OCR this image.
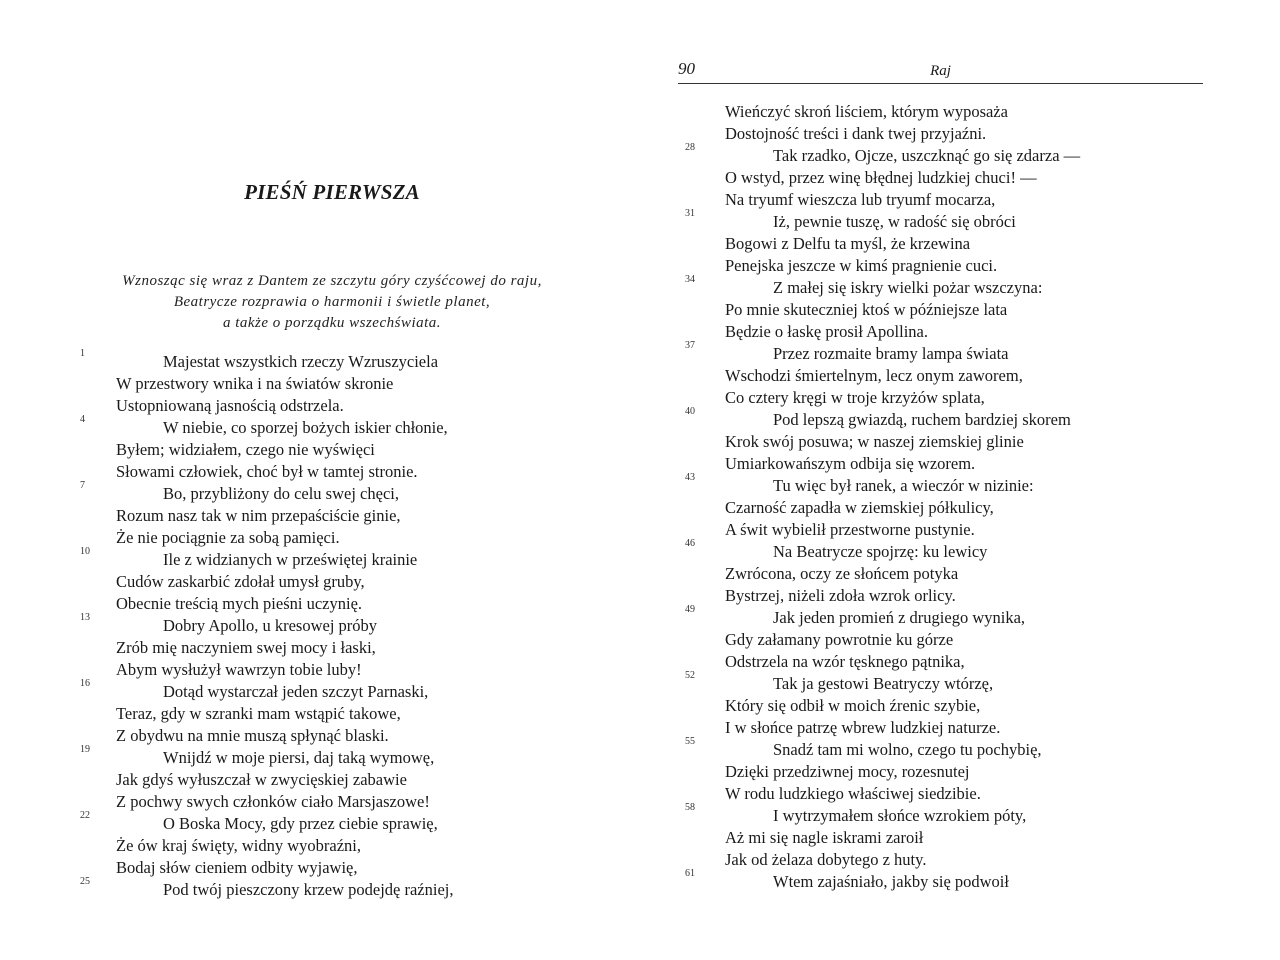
PIEŚŃ PIERWSZA
Wznosząc się wraz z Dantem ze szczytu góry czyśćcowej do raju,
Beatrycze rozprawia o harmonii i świetle planet,
a także o porządku wszechświata.
1	Majestat wszystkich rzeczy Wzruszyciela
W przestwory wnika i na światów skronie
Ustopniowaną jasnością odstrzela.
4	W niebie, co sporzej bożych iskier chłonie,
Byłem; widziałem, czego nie wyświęci
Słowami człowiek, choć był w tamtej stronie.
7	Bo, przybliżony do celu swej chęci,
Rozum nasz tak w nim przepaściście ginie,
Że nie pociągnie za sobą pamięci.
10	Ile z widzianych w przeświętej krainie
Cudów zaskarbić zdołał umysł gruby,
Obecnie treścią mych pieśni uczynię.
13	Dobry Apollo, u kresowej próby
Zrób mię naczyniem swej mocy i łaski,
Abym wysłużył wawrzyn tobie luby!
16	Dotąd wystarczał jeden szczyt Parnaski,
Teraz, gdy w szranki mam wstąpić takowe,
Z obydwu na mnie muszą spłynąć blaski.
19	Wnijdź w moje piersi, daj taką wymowę,
Jak gdyś wyłuszczał w zwycięskiej zabawie
Z pochwy swych członków ciało Marsjaszowe!
22	O Boska Mocy, gdy przez ciebie sprawię,
Że ów kraj święty, widny wyobraźni,
Bodaj słów cieniem odbity wyjawię,
25	Pod twój pieszczony krzew podejdę raźniej,
90	Raj
Wieńczyć skroń liściem, którym wyposaża
Dostojność treści i dank twej przyjaźni.
28	Tak rzadko, Ojcze, uszczknąć go się zdarza —
O wstyd, przez winę błędnej ludzkiej chuci! —
Na tryumf wieszcza lub tryumf mocarza,
31	Iż, pewnie tuszę, w radość się obróci
Bogowi z Delfu ta myśl, że krzewina
Penejska jeszcze w kimś pragnienie cuci.
34	Z małej się iskry wielki pożar wszczyna:
Po mnie skuteczniej ktoś w późniejsze lata
Będzie o łaskę prosił Apollina.
37	Przez rozmaite bramy lampa świata
Wschodzi śmiertelnym, lecz onym zaworem,
Co cztery kręgi w troje krzyżów splata,
40	Pod lepszą gwiazdą, ruchem bardziej skorem
Krok swój posuwa; w naszej ziemskiej glinie
Umiarkowańszym odbija się wzorem.
43	Tu więc był ranek, a wieczór w nizinie:
Czarność zapadła w ziemskiej półkulicy,
A świt wybielił przestworne pustynie.
46	Na Beatrycze spojrzę: ku lewicy
Zwrócona, oczy ze słońcem potyka
Bystrzej, niżeli zdoła wzrok orlicy.
49	Jak jeden promień z drugiego wynika,
Gdy załamany powrotnie ku górze
Odstrzela na wzór tęsknego pątnika,
52	Tak ja gestowi Beatryczy wtórzę,
Który się odbił w moich źrenic szybie,
I w słońce patrzę wbrew ludzkiej naturze.
55	Snadź tam mi wolno, czego tu pochybię,
Dzięki przedziwnej mocy, rozesnutej
W rodu ludzkiego właściwej siedzibie.
58	I wytrzymałem słońce wzrokiem póty,
Aż mi się nagle iskrami zaroił
Jak od żelaza dobytego z huty.
61	Wtem zajaśniało, jakby się podwoił
